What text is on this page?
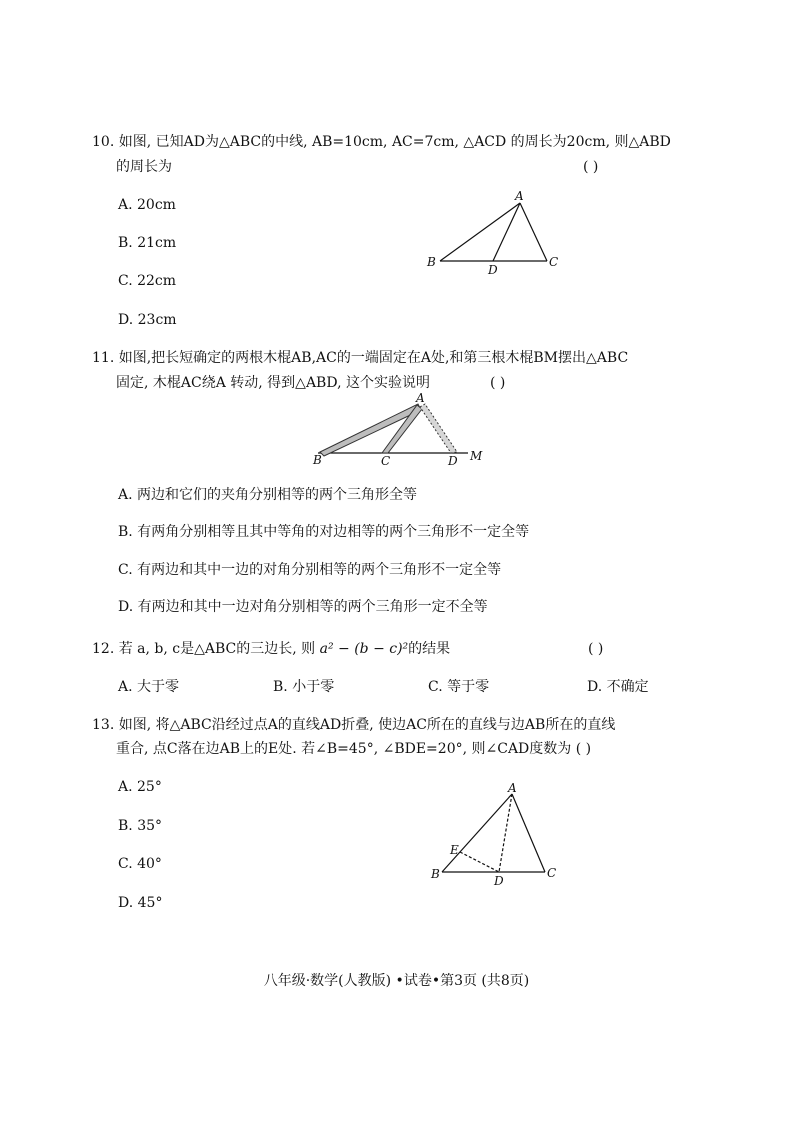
10. 如图, 已知AD为△ABC的中线, AB=10cm, AC=7cm, △ACD 的周长为20cm, 则△ABD
的周长为	( )
A. 20cm
B. 21cm
C. 22cm
D. 23cm
A
B	C
D
11. 如图,把长短确定的两根木棍AB,AC的一端固定在A处,和第三根木棍BM摆出△ABC
固定, 木棍AC绕A 转动, 得到△ABD, 这个实验说明	( )
A
B	C	D M
A. 两边和它们的夹角分别相等的两个三角形全等
B. 有两角分别相等且其中等角的对边相等的两个三角形不一定全等
C. 有两边和其中一边的对角分别相等的两个三角形不一定全等
D. 有两边和其中一边对角分别相等的两个三角形一定不全等
12. 若 a, b, c是△ABC的三边长, 则 a² − (b − c)²的结果	( )
A. 大于零	B. 小于零	C. 等于零	D. 不确定
13. 如图, 将△ABC沿经过点A的直线AD折叠, 使边AC所在的直线与边AB所在的直线
重合, 点C落在边AB上的E处. 若∠B=45°, ∠BDE=20°, 则∠CAD度数为 ( )
A. 25°
B. 35°
C. 40°
D. 45°
A
B	C
D
E
八年级·数学(人教版) •试卷•第3页 (共8页)
